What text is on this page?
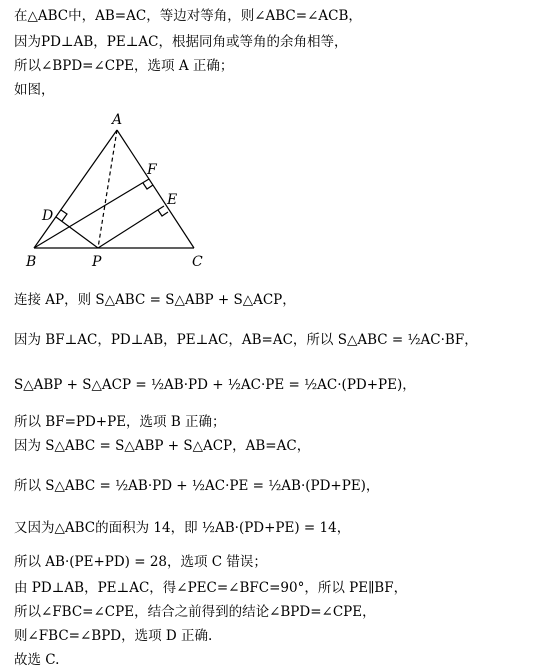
在△ABC中，AB=AC，等边对等角，则∠ABC=∠ACB，
因为PD⊥AB，PE⊥AC，根据同角或等角的余角相等，
所以∠BPD=∠CPE，选项 A 正确；
如图，
A
B	C
D
E
F
P
连接 AP，则 S△ABC = S△ABP + S△ACP，
因为 BF⊥AC，PD⊥AB，PE⊥AC，AB=AC，所以 S△ABC = ½AC·BF，
S△ABP + S△ACP = ½AB·PD + ½AC·PE = ½AC·(PD+PE)，
所以 BF=PD+PE，选项 B 正确；
因为 S△ABC = S△ABP + S△ACP，AB=AC，
所以 S△ABC = ½AB·PD + ½AC·PE = ½AB·(PD+PE)，
又因为△ABC的面积为 14，即 ½AB·(PD+PE) = 14，
所以 AB·(PE+PD) = 28，选项 C 错误；
由 PD⊥AB，PE⊥AC，得∠PEC=∠BFC=90°，所以 PE∥BF，
所以∠FBC=∠CPE，结合之前得到的结论∠BPD=∠CPE，
则∠FBC=∠BPD，选项 D 正确.
故选 C.
